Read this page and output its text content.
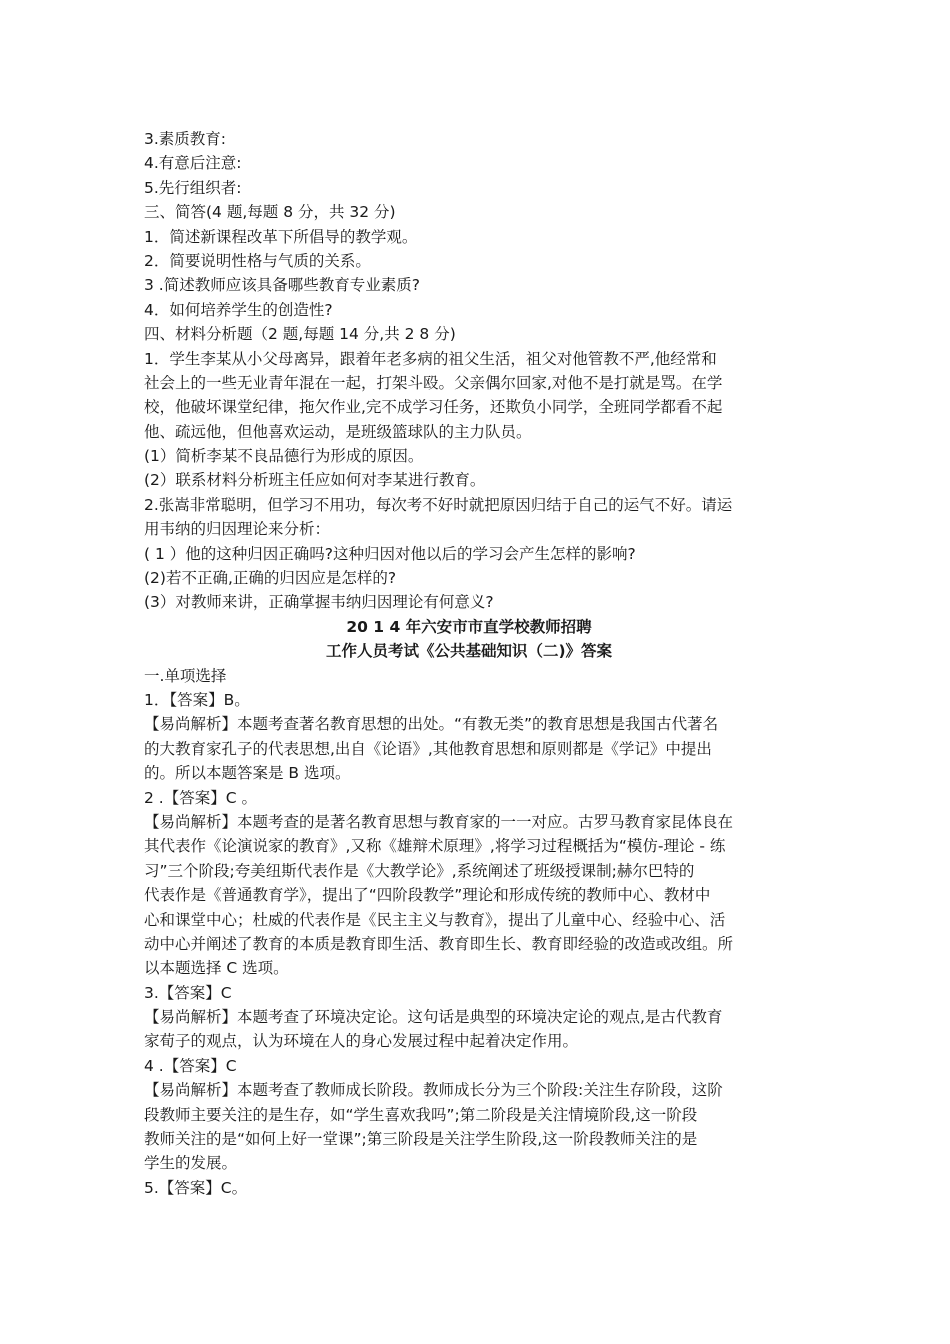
3.素质教育:
4.有意后注意:
5.先行组织者:
三、简答(4 题,每题 8 分，共 32 分)
1．简述新课程改革下所倡导的教学观。
2．简要说明性格与气质的关系。
3 .简述教师应该具备哪些教育专业素质?
4．如何培养学生的创造性?
四、材料分析题（2 题,每题 14 分,共 2 8 分)
1．学生李某从小父母离异，跟着年老多病的祖父生活，祖父对他管教不严,他经常和
社会上的一些无业青年混在一起，打架斗殴。父亲偶尔回家,对他不是打就是骂。在学
校，他破坏课堂纪律，拖欠作业,完不成学习任务，还欺负小同学，全班同学都看不起
他、疏远他，但他喜欢运动，是班级篮球队的主力队员。
(1）简析李某不良品德行为形成的原因。
(2）联系材料分析班主任应如何对李某进行教育。
2.张嵩非常聪明，但学习不用功，每次考不好时就把原因归结于自己的运气不好。请运
用韦纳的归因理论来分析：
( 1 ）他的这种归因正确吗?这种归因对他以后的学习会产生怎样的影响?
(2)若不正确,正确的归因应是怎样的?
(3）对教师来讲，正确掌握韦纳归因理论有何意义?
20 1 4 年六安市市直学校教师招聘
工作人员考试《公共基础知识（二)》答案
一.单项选择
1．【答案】B。
【易尚解析】本题考查著名教育思想的出处。“有教无类”的教育思想是我国古代著名
的大教育家孔子的代表思想,出自《论语》,其他教育思想和原则都是《学记》中提出
的。所以本题答案是 B 选项。
2 .【答案】C 。
【易尚解析】本题考查的是著名教育思想与教育家的一一对应。古罗马教育家昆体良在
其代表作《论演说家的教育》,又称《雄辩术原理》,将学习过程概括为“模仿-理论 - 练
习”三个阶段;夸美纽斯代表作是《大教学论》,系统阐述了班级授课制;赫尔巴特的
代表作是《普通教育学》，提出了“四阶段教学”理论和形成传统的教师中心、教材中
心和课堂中心；杜威的代表作是《民主主义与教育》，提出了儿童中心、经验中心、活
动中心并阐述了教育的本质是教育即生活、教育即生长、教育即经验的改造或改组。所
以本题选择 C 选项。
3.【答案】C
【易尚解析】本题考查了环境决定论。这句话是典型的环境决定论的观点,是古代教育
家荀子的观点，认为环境在人的身心发展过程中起着决定作用。
4 .【答案】C
【易尚解析】本题考查了教师成长阶段。教师成长分为三个阶段:关注生存阶段，这阶
段教师主要关注的是生存，如“学生喜欢我吗”;第二阶段是关注情境阶段,这一阶段
教师关注的是“如何上好一堂课”;第三阶段是关注学生阶段,这一阶段教师关注的是
学生的发展。
5.【答案】C。
